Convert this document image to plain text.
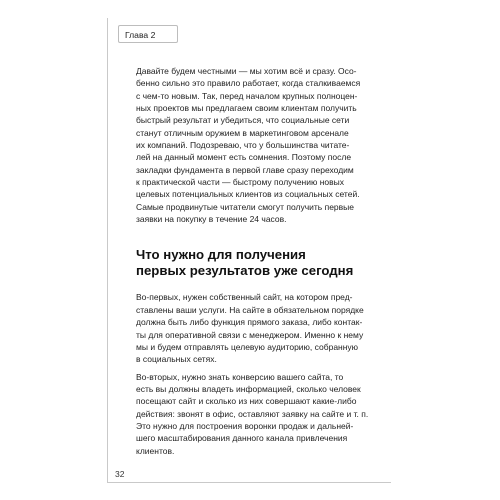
Глава 2

Давайте будем честными — мы хотим всё и сразу. Осо-
бенно сильно это правило работает, когда сталкиваемся
с чем-то новым. Так, перед началом крупных полноцен-
ных проектов мы предлагаем своим клиентам получить
быстрый результат и убедиться, что социальные сети
станут отличным оружием в маркетинговом арсенале
их компаний. Подозреваю, что у большинства читате-
лей на данный момент есть сомнения. Поэтому после
закладки фундамента в первой главе сразу переходим
к практической части — быстрому получению новых
целевых потенциальных клиентов из социальных сетей.
Самые продвинутые читатели смогут получить первые
заявки на покупку в течение 24 часов.

Что нужно для получения
первых результатов уже сегодня

Во-первых, нужен собственный сайт, на котором пред-
ставлены ваши услуги. На сайте в обязательном порядке
должна быть либо функция прямого заказа, либо контак-
ты для оперативной связи с менеджером. Именно к нему
мы и будем отправлять целевую аудиторию, собранную
в социальных сетях.

Во-вторых, нужно знать конверсию вашего сайта, то
есть вы должны владеть информацией, сколько человек
посещают сайт и сколько из них совершают какие-либо
действия: звонят в офис, оставляют заявку на сайте и т. п.
Это нужно для построения воронки продаж и дальней-
шего масштабирования данного канала привлечения
клиентов.

32
